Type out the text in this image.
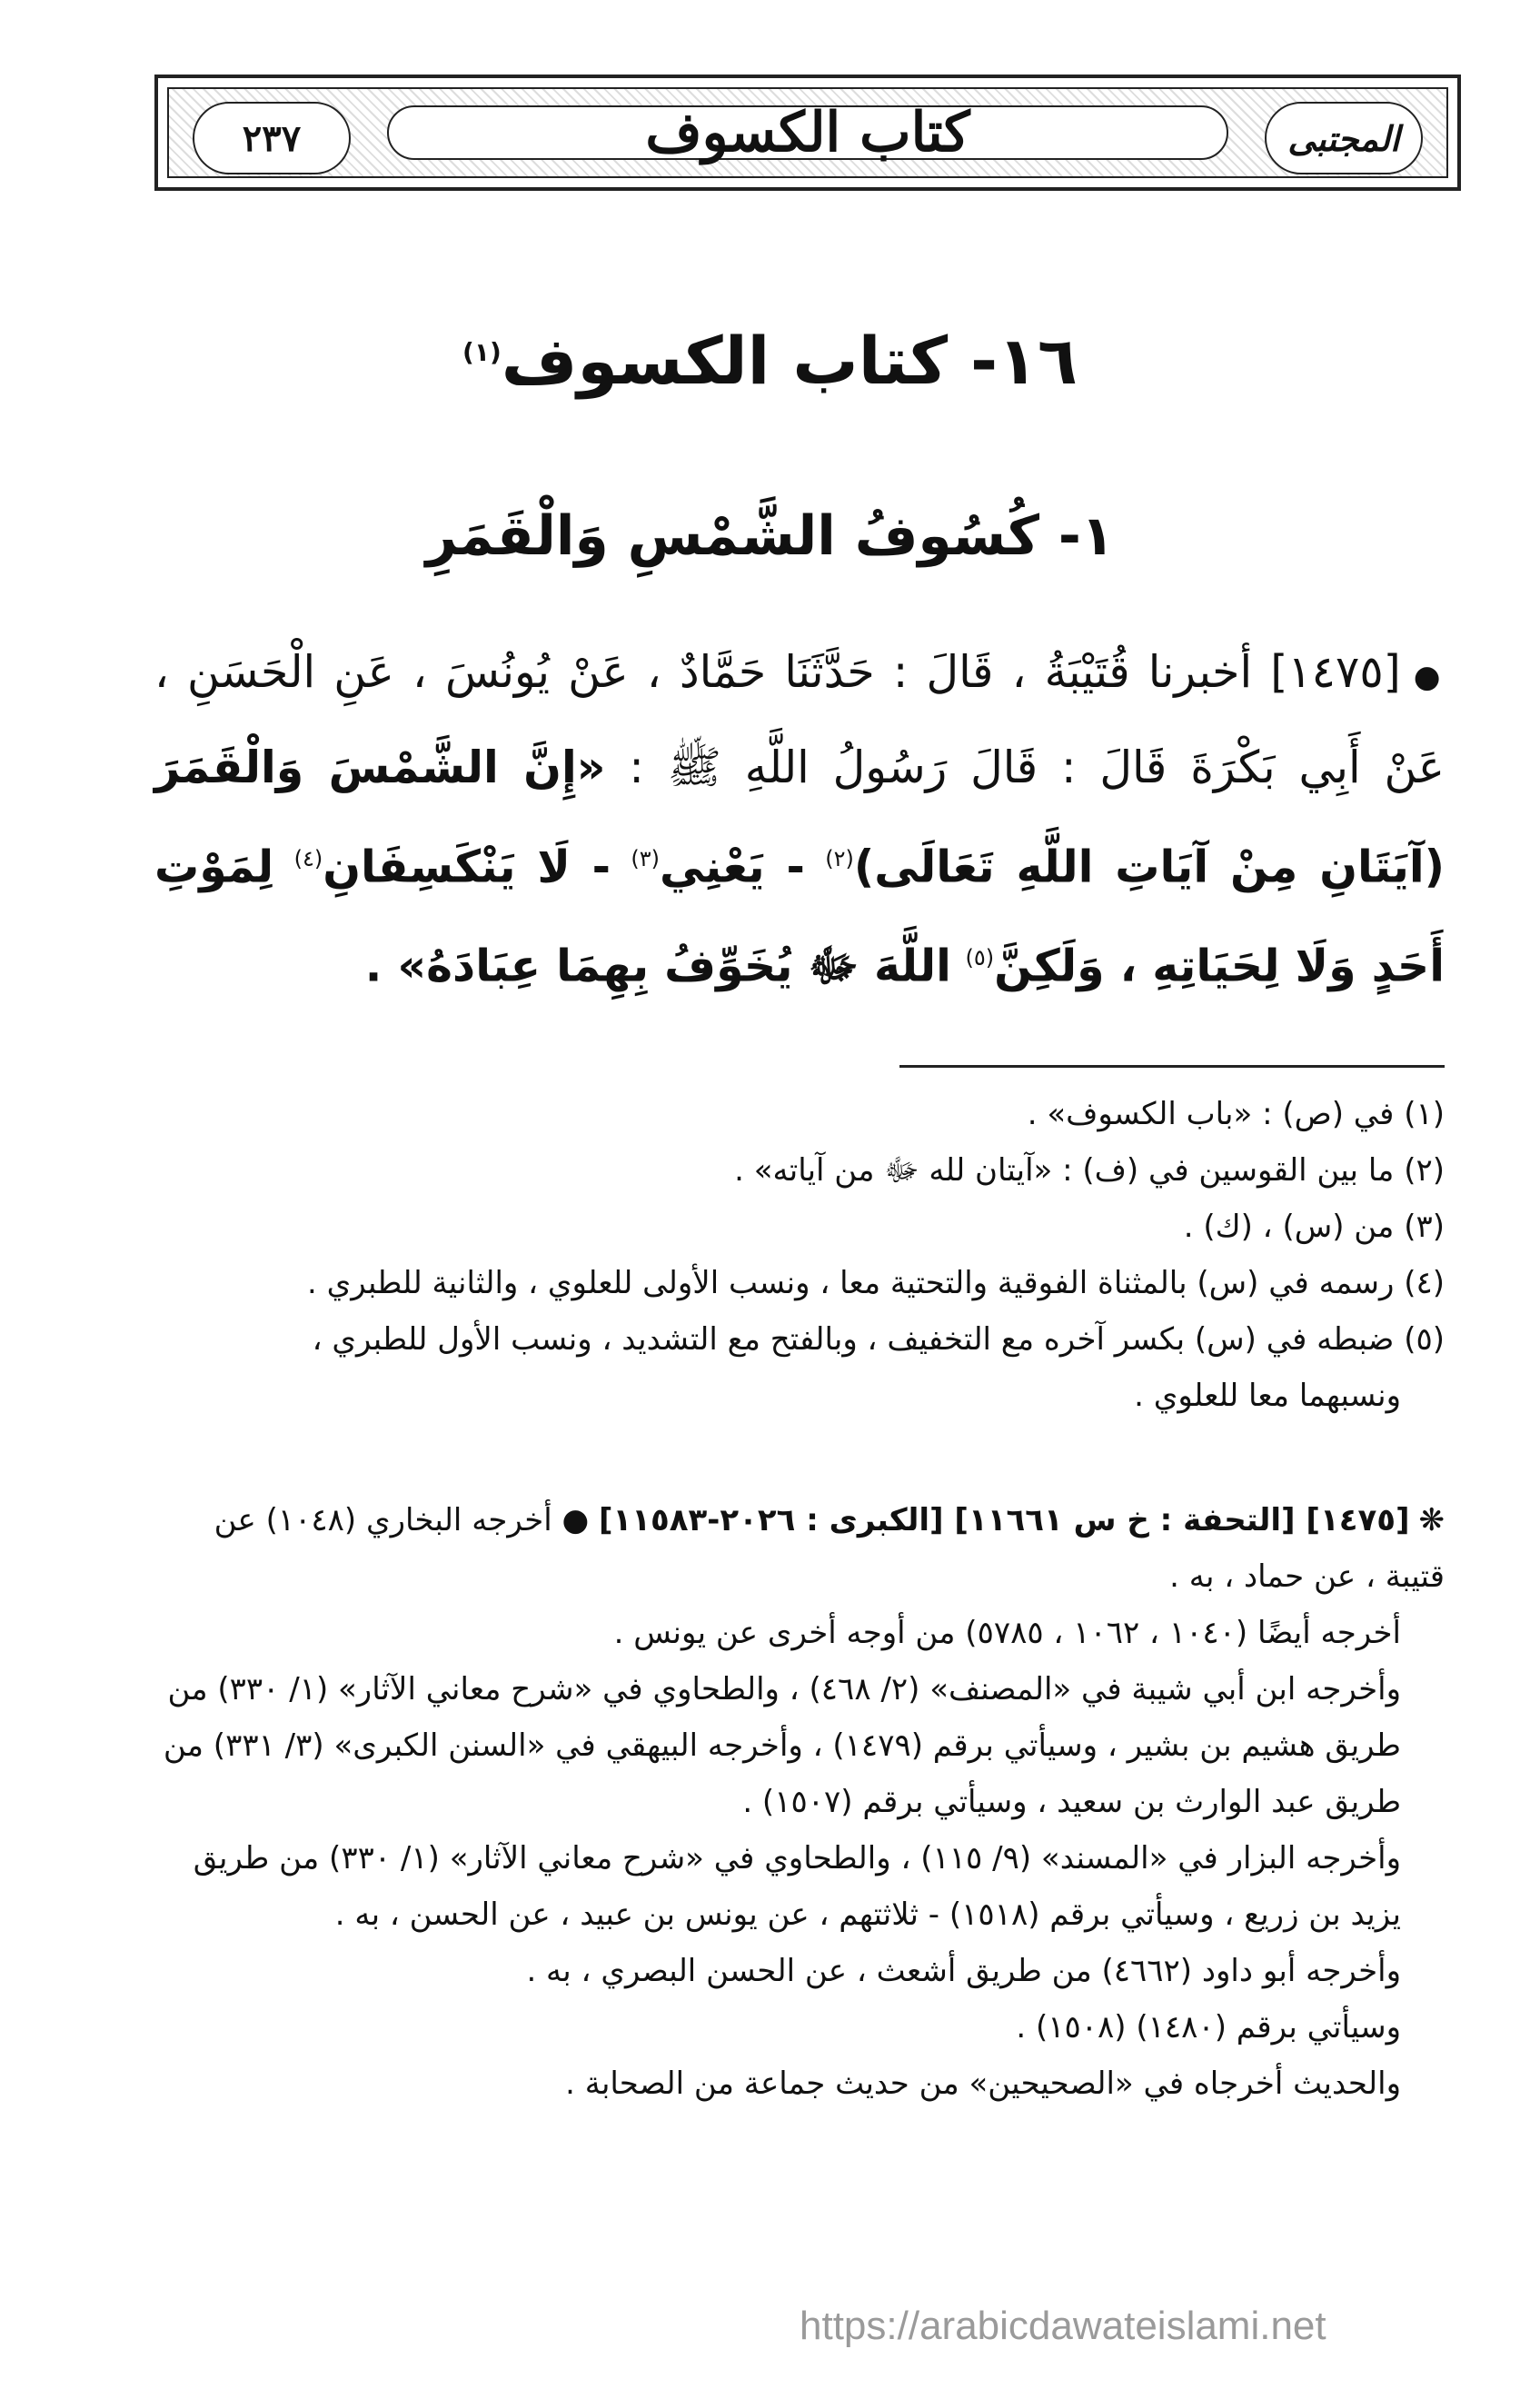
٢٣٧	كتاب الكسوف	المجتبى
١٦- كتاب الكسوف$^{(١)}$
١- كُسُوفُ الشَّمْسِ وَالْقَمَرِ
●[١٤٧٥] أخبرنا قُتَيْبَةُ ، قَالَ : حَدَّثَنَا حَمَّادٌ ، عَنْ يُونُسَ ، عَنِ الْحَسَنِ ، عَنْ أَبِي بَكْرَةَ قَالَ : قَالَ رَسُولُ اللَّهِ ﷺ : «إِنَّ الشَّمْسَ وَالْقَمَرَ (آيَتَانِ مِنْ آيَاتِ اللَّهِ تَعَالَى)$^{(٢)}$ - يَعْنِي$^{(٣)}$ - لَا يَنْكَسِفَانِ$^{(٤)}$ لِمَوْتِ أَحَدٍ وَلَا لِحَيَاتِهِ ، وَلَكِنَّ$^{(٥)}$ اللَّهَ ﷻ يُخَوِّفُ بِهِمَا عِبَادَهُ» .

(١) في (ص) : «باب الكسوف» .

(٢) ما بين القوسين في (ف) : «آيتان لله ﷻ من آياته» .

(٣) من (س) ، (ك) .

(٤) رسمه في (س) بالمثناة الفوقية والتحتية معا ، ونسب الأولى للعلوي ، والثانية للطبري .

(٥) ضبطه في (س) بكسر آخره مع التخفيف ، وبالفتح مع التشديد ، ونسب الأول للطبري ،

ونسبهما معا للعلوي .

❋[١٤٧٥] [التحفة : خ س ١١٦٦١] [الكبرى : ٢٠٢٦-١١٥٨٣] ● أخرجه البخاري (١٠٤٨) عن قتيبة ، عن حماد ، به .

أخرجه أيضًا (١٠٤٠ ، ١٠٦٢ ، ٥٧٨٥) من أوجه أخرى عن يونس .

وأخرجه ابن أبي شيبة في «المصنف» (٢/ ٤٦٨) ، والطحاوي في «شرح معاني الآثار» (١/ ٣٣٠) من طريق هشيم بن بشير ، وسيأتي برقم (١٤٧٩) ، وأخرجه البيهقي في «السنن الكبرى» (٣/ ٣٣١) من طريق عبد الوارث بن سعيد ، وسيأتي برقم (١٥٠٧) .

وأخرجه البزار في «المسند» (٩/ ١١٥) ، والطحاوي في «شرح معاني الآثار» (١/ ٣٣٠) من طريق يزيد بن زريع ، وسيأتي برقم (١٥١٨) - ثلاثتهم ، عن يونس بن عبيد ، عن الحسن ، به .

وأخرجه أبو داود (٤٦٦٢) من طريق أشعث ، عن الحسن البصري ، به .

وسيأتي برقم (١٤٨٠) (١٥٠٨) .

والحديث أخرجاه في «الصحيحين» من حديث جماعة من الصحابة .

https://arabicdawateislami.net
